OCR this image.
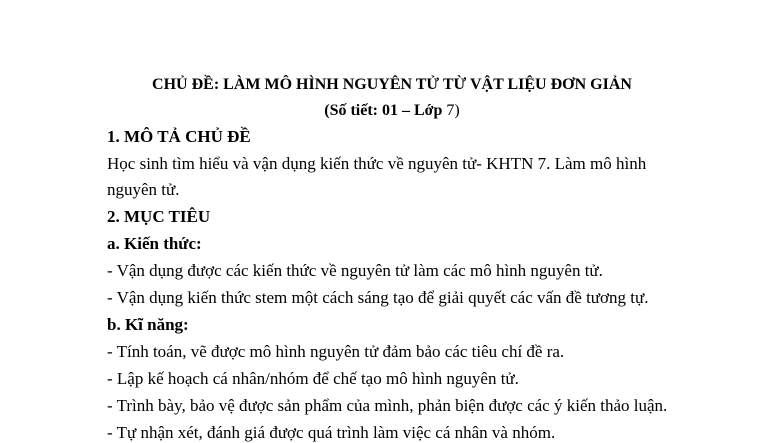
CHỦ ĐỀ: LÀM MÔ HÌNH NGUYÊN TỬ TỪ VẬT LIỆU ĐƠN GIẢN
(Số tiết: 01 – Lớp 7)
1. MÔ TẢ CHỦ ĐỀ
Học sinh tìm hiểu và vận dụng kiến thức về nguyên tử- KHTN 7. Làm mô hình
nguyên tử.
2. MỤC TIÊU
a. Kiến thức:
- Vận dụng được các kiến thức về nguyên tử làm các mô hình nguyên tử.
- Vận dụng kiến thức stem một cách sáng tạo để giải quyết các vấn đề tương tự.
b. Kĩ năng:
- Tính toán, vẽ được mô hình nguyên tử đảm bảo các tiêu chí đề ra.
- Lập kế hoạch cá nhân/nhóm để chế tạo mô hình nguyên tử.
- Trình bày, bảo vệ được sản phẩm của mình, phản biện được các ý kiến thảo luận.
- Tự nhận xét, đánh giá được quá trình làm việc cá nhân và nhóm.
